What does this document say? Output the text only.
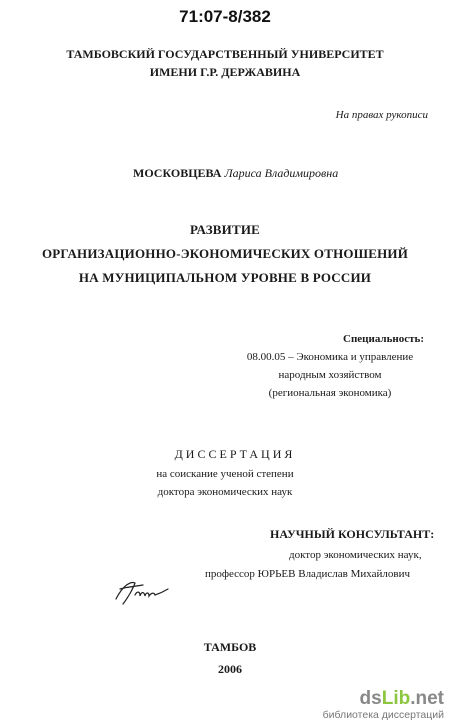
71:07-8/382
ТАМБОВСКИЙ ГОСУДАРСТВЕННЫЙ УНИВЕРСИТЕТ
ИМЕНИ Г.Р. ДЕРЖАВИНА
На правах рукописи
МОСКОВЦЕВА Лариса Владимировна
РАЗВИТИЕ
ОРГАНИЗАЦИОННО-ЭКОНОМИЧЕСКИХ ОТНОШЕНИЙ
НА МУНИЦИПАЛЬНОМ УРОВНЕ В РОССИИ
Специальность:
08.00.05 – Экономика и управление
народным хозяйством
(региональная экономика)
ДИССЕРТАЦИЯ
на соискание ученой степени
доктора экономических наук
НАУЧНЫЙ КОНСУЛЬТАНТ:
доктор экономических наук,
профессор ЮРЬЕВ Владислав Михайлович
ТАМБОВ
2006
dsLib.net
библиотека диссертаций
